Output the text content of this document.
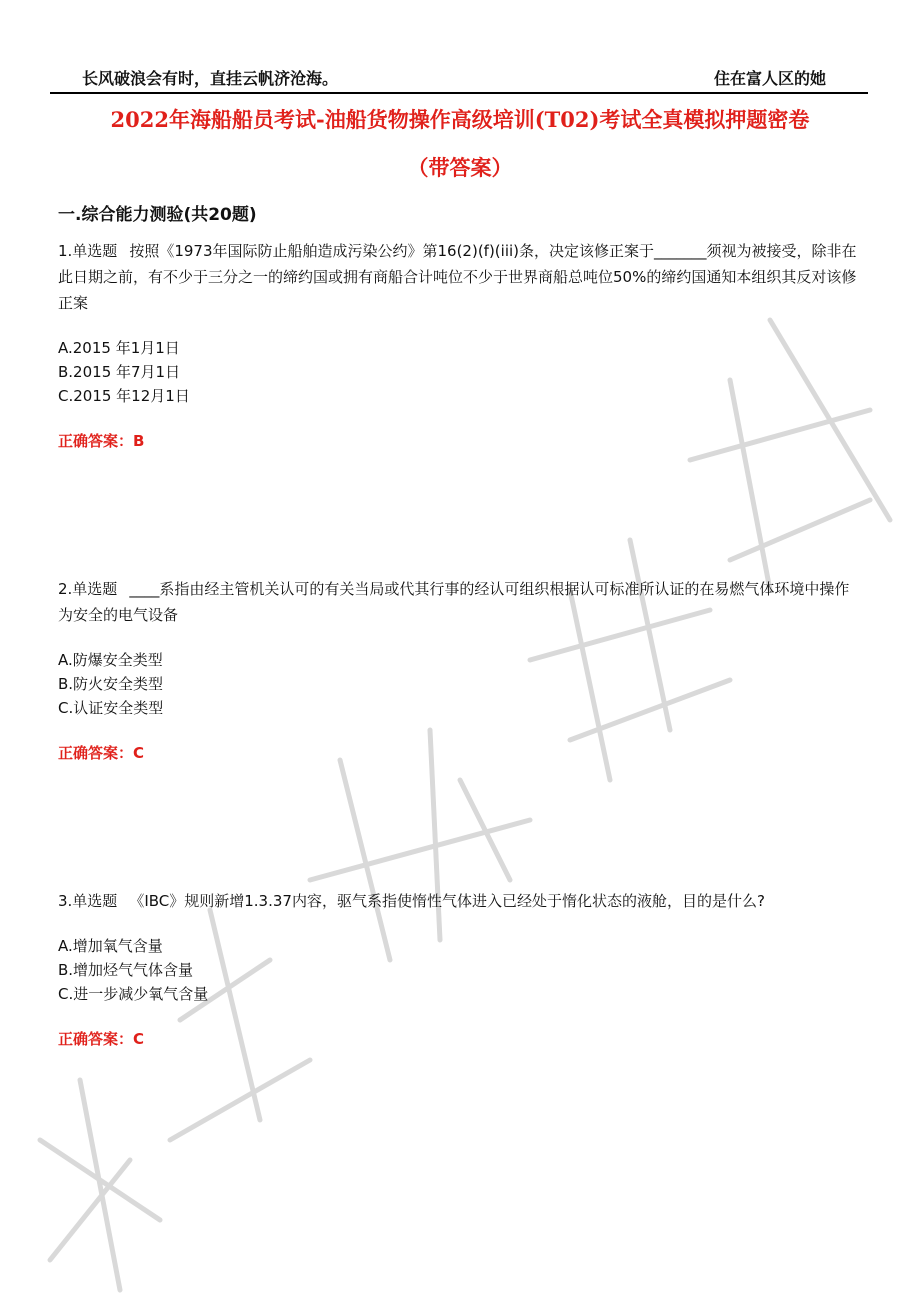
长风破浪会有时，直挂云帆济沧海。	住在富人区的她
2022年海船船员考试-油船货物操作高级培训(T02)考试全真模拟押题密卷
（带答案）
一.综合能力测验(共20题)
1.单选题 按照《1973年国际防止船舶造成污染公约》第16(2)(f)(iii)条，决定该修正案于_______须视为被接受，除非在此日期之前，有不少于三分之一的缔约国或拥有商船合计吨位不少于世界商船总吨位50%的缔约国通知本组织其反对该修正案
A.2015 年1月1日
B.2015 年7月1日
C.2015 年12月1日
正确答案：B
2.单选题 ____系指由经主管机关认可的有关当局或代其行事的经认可组织根据认可标准所认证的在易燃气体环境中操作为安全的电气设备
A.防爆安全类型
B.防火安全类型
C.认证安全类型
正确答案：C
3.单选题 《IBC》规则新增1.3.37内容，驱气系指使惰性气体进入已经处于惰化状态的液舱，目的是什么?
A.增加氧气含量
B.增加烃气气体含量
C.进一步减少氧气含量
正确答案：C
